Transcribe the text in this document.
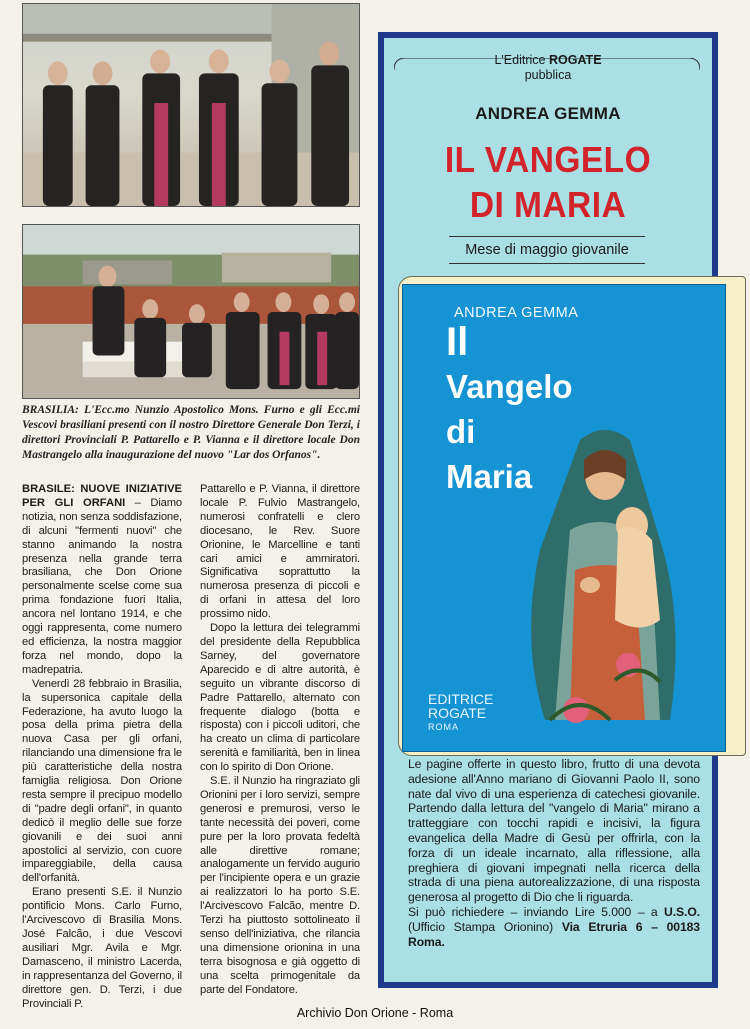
BRASILIA: L'Ecc.mo Nunzio Apostolico Mons. Furno e gli Ecc.mi Vescovi brasiliani presenti con il nostro Direttore Generale Don Terzi, i direttori Provinciali P. Pattarello e P. Vianna e il direttore locale Don Mastrangelo alla inaugurazione del nuovo "Lar dos Orfanos".

BRASILE: NUOVE INIZIATIVE PER GLI ORFANI – Diamo notizia, non senza soddisfazione, di alcuni "fermenti nuovi" che stanno animando la nostra presenza nella grande terra brasiliana, che Don Orione personalmente scelse come sua prima fondazione fuori Italia, ancora nel lontano 1914, e che oggi rappresenta, come numero ed efficienza, la nostra maggior forza nel mondo, dopo la madrepatria.

Venerdì 28 febbraio in Brasilia, la supersonica capitale della Federazione, ha avuto luogo la posa della prima pietra della nuova Casa per gli orfani, rilanciando una dimensione fra le più caratteristiche della nostra famiglia religiosa. Don Orione resta sempre il precipuo modello di "padre degli orfani", in quanto dedicò il meglio delle sue forze giovanili e dei suoi anni apostolici al servizio, con cuore impareggiabile, della causa dell'orfanità.

Erano presenti S.E. il Nunzio pontificio Mons. Carlo Furno, l'Arcivescovo di Brasilia Mons. José Falcão, i due Vescovi ausiliari Mgr. Avila e Mgr. Damasceno, il ministro Lacerda, in rappresentanza del Governo, il direttore gen. D. Terzi, i due Provinciali P.

Pattarello e P. Vianna, il direttore locale P. Fulvio Mastrangelo, numerosi confratelli e clero diocesano, le Rev. Suore Orionine, le Marcelline e tanti cari amici e ammiratori. Significativa soprattutto la numerosa presenza di piccoli e di orfani in attesa del loro prossimo nido.

Dopo la lettura dei telegrammi del presidente della Repubblica Sarney, del governatore Aparecido e di altre autorità, è seguito un vibrante discorso di Padre Pattarello, alternato con frequente dialogo (botta e risposta) con i piccoli uditori, che ha creato un clima di particolare serenità e familiarità, ben in linea con lo spirito di Don Orione.

S.E. il Nunzio ha ringraziato gli Orionini per i loro servizi, sempre generosi e premurosi, verso le tante necessità dei poveri, come pure per la loro provata fedeltà alle direttive romane; analogamente un fervido augurio per l'incipiente opera e un grazie ai realizzatori lo ha porto S.E. l'Arcivescovo Falcão, mentre D. Terzi ha piuttosto sottolineato il senso dell'iniziativa, che rilancia una dimensione orionina in una terra bisognosa e già oggetto di una scelta primogenitale da parte del Fondatore.

L'Editrice ROGATE
pubblica
ANDREA GEMMA
IL VANGELO
DI MARIA
Mese di maggio giovanile
ANDREA GEMMA
Il
Vangelo
di
Maria
EDITRICE
ROGATE
ROMA

Le pagine offerte in questo libro, frutto di una devota adesione all'Anno mariano di Giovanni Paolo II, sono nate dal vivo di una esperienza di catechesi giovanile. Partendo dalla lettura del "vangelo di Maria" mirano a tratteggiare con tocchi rapidi e incisivi, la figura evangelica della Madre di Gesù per offrirla, con la forza di un ideale incarnato, alla riflessione, alla preghiera di giovani impegnati nella ricerca della strada di una piena autorealizzazione, di una risposta generosa al progetto di Dio che li riguarda.

Si può richiedere – inviando Lire 5.000 – a U.S.O. (Ufficio Stampa Orionino) Via Etruria 6 – 00183 Roma.

Archivio Don Orione - Roma
